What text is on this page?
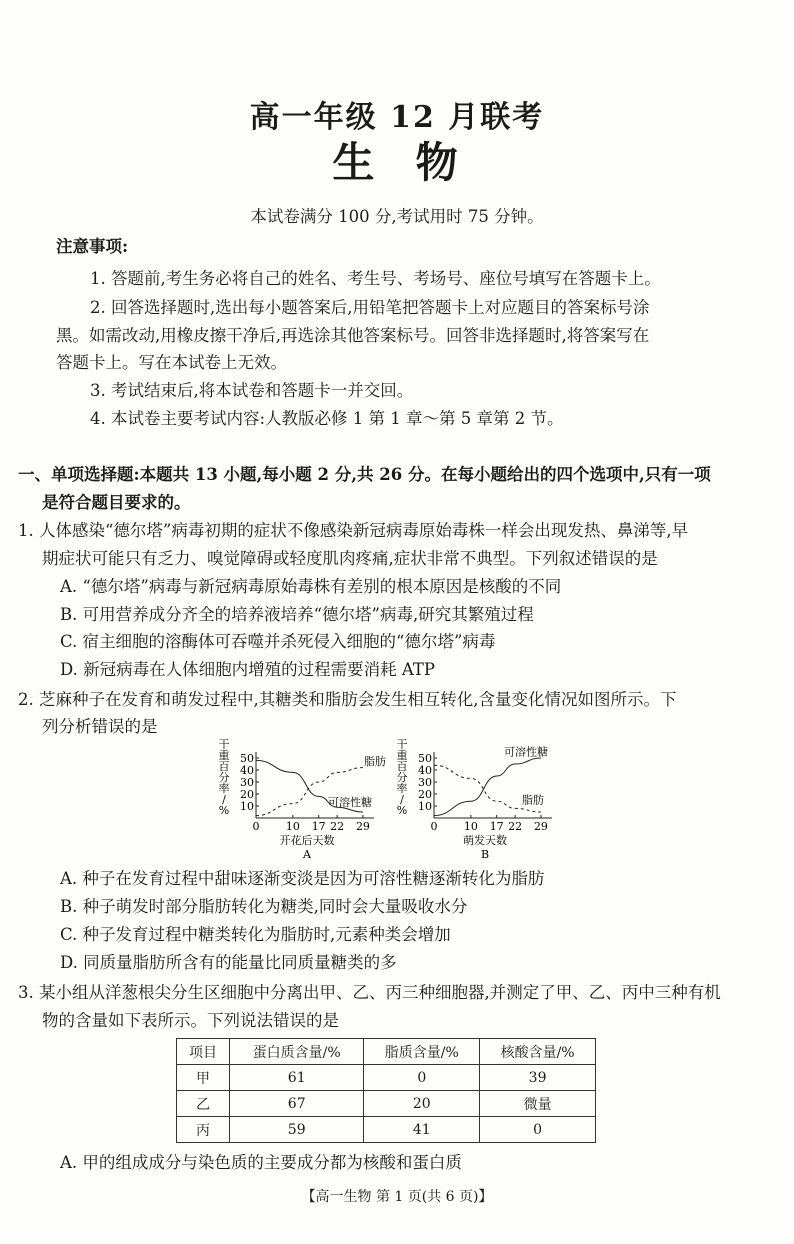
高一年级 12 月联考
生  物
本试卷满分 100 分,考试用时 75 分钟。
注意事项:
1. 答题前,考生务必将自己的姓名、考生号、考场号、座位号填写在答题卡上。
2. 回答选择题时,选出每小题答案后,用铅笔把答题卡上对应题目的答案标号涂
黑。如需改动,用橡皮擦干净后,再选涂其他答案标号。回答非选择题时,将答案写在
答题卡上。写在本试卷上无效。
3. 考试结束后,将本试卷和答题卡一并交回。
4. 本试卷主要考试内容:人教版必修 1 第 1 章～第 5 章第 2 节。
一、单项选择题:本题共 13 小题,每小题 2 分,共 26 分。在每小题给出的四个选项中,只有一项
是符合题目要求的。
1. 人体感染“德尔塔”病毒初期的症状不像感染新冠病毒原始毒株一样会出现发热、鼻涕等,早
期症状可能只有乏力、嗅觉障碍或轻度肌肉疼痛,症状非常不典型。下列叙述错误的是
A. “德尔塔”病毒与新冠病毒原始毒株有差别的根本原因是核酸的不同
B. 可用营养成分齐全的培养液培养“德尔塔”病毒,研究其繁殖过程
C. 宿主细胞的溶酶体可吞噬并杀死侵入细胞的“德尔塔”病毒
D. 新冠病毒在人体细胞内增殖的过程需要消耗 ATP
2. 芝麻种子在发育和萌发过程中,其糖类和脂肪会发生相互转化,含量变化情况如图所示。下
列分析错误的是
干
重
百
分
率
/
%
50
40
30
20
10
0 10 17 22 29
开花后天数
A
脂肪
可溶性糖
干
重
百
分
率
/
%
50
40
30
20
10
0 10 17 22 29
萌发天数
B
可溶性糖
脂肪
A. 种子在发育过程中甜味逐渐变淡是因为可溶性糖逐渐转化为脂肪
B. 种子萌发时部分脂肪转化为糖类,同时会大量吸收水分
C. 种子发育过程中糖类转化为脂肪时,元素种类会增加
D. 同质量脂肪所含有的能量比同质量糖类的多
3. 某小组从洋葱根尖分生区细胞中分离出甲、乙、丙三种细胞器,并测定了甲、乙、丙中三种有机
物的含量如下表所示。下列说法错误的是
项目	蛋白质含量/%	脂质含量/%	核酸含量/%
甲	61	0	39
乙	67	20	微量
丙	59	41	0
A. 甲的组成成分与染色质的主要成分都为核酸和蛋白质
【高一生物 第 1 页(共 6 页)】
